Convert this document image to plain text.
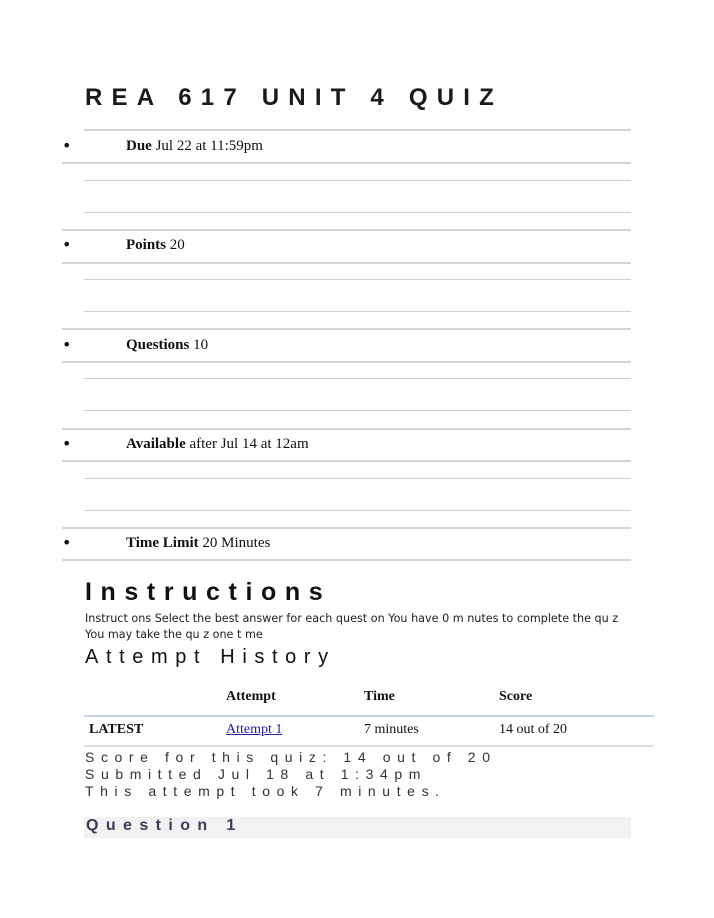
REA 617 UNIT 4 QUIZ
•	Due Jul 22 at 11:59pm
•	Points 20
•	Questions 10
•	Available after Jul 14 at 12am
•	Time Limit 20 Minutes
Instructions
Instruct ons Select the best answer for each quest on You have 0 m nutes to complete the qu z You may take the qu z one t me
Attempt History
Attempt	Time	Score
LATEST	Attempt 1	7 minutes	14 out of 20
Score for this quiz: 14 out of 20
Submitted Jul 18 at 1:34pm
This attempt took 7 minutes.
Question 1
